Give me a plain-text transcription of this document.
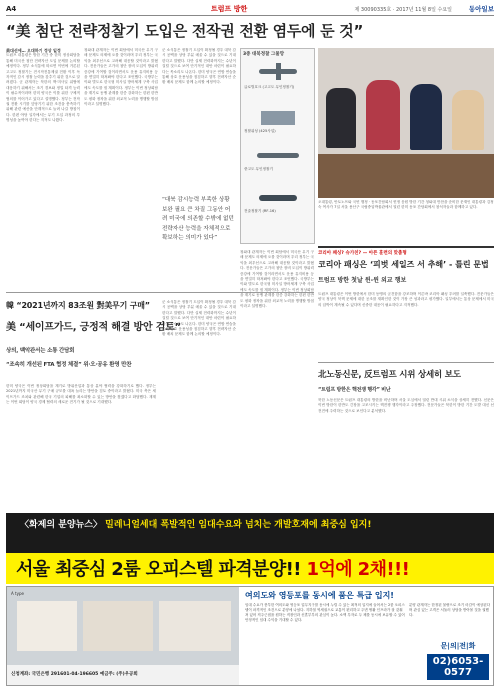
A4	트럼프 방한	제 30090335호 · 2017년 11월 8일 수요일	동아일보
“美 첨단 전략정찰기 도입은 전작권 전환 염두에 둔 것”
美대선에… 오대하기 정상 일정
트럼프 대통령은 방한 기간 중 한미 정상회담을 통해 미국산 첨단 전략자산 도입 문제를 논의할 예정이다. 정부 소식통에 따르면 이번에 거론된 고고도 정찰기는 전시작전통제권 전환 이후 독자적인 감시 정찰 능력을 갖추기 위한 것으로 알려졌다. 군 관계자는 북한의 핵·미사일 위협에 대응하기 위해서는 조기 경보와 정밀 타격 능력이 필수적이라며 한미 양국은 이를 위한 구체적 협의를 이어가고 있다고 설명했다. 정부는 전작권 전환 시기를 앞당기기 위한 조건을 충족하기 위해 관련 예산을 단계적으로 늘려 나갈 방침이다. 한편 야당 일각에서는 무기 도입 과정의 투명성을 높여야 한다는 지적도 나왔다.
청와대 관계자는 이번 회담에서 미국산 무기 구매 문제도 의제에 오를 것이라며 우리 정부는 국익을 최우선으로 고려해 대응할 것이라고 밝혔다. 전문가들은 고가의 첨단 장비 도입이 방위력 증강에 기여할 것이라면서도 운용 유지비용 등을 면밀히 따져봐야 한다고 조언했다. 국방부는 이와 별도로 한국형 미사일 방어체계 구축 사업에도 속도를 낼 계획이다. 정부는 이번 정상회담을 계기로 동맹 관계를 한층 강화하는 한편 한반도 평화 정착을 위한 외교적 노력을 병행할 방침이라고 설명했다.
군 소식통은 정찰기 도입이 확정될 경우 대북 감시 공백을 상당 부분 메울 수 있을 것으로 기대한다고 말했다. 다만 실제 전력화까지는 수년이 걸릴 것으로 보여 단기적인 대안 마련이 필요하다는 목소리도 나온다. 한미 양국은 연합 연습을 통해 상호 운용성을 점검하고 향후 전략자산 순환 배치 문제도 함께 논의할 예정이다.
“대북 감시능력 부족한 상황 보완 필요 큰 차질 그동안 어려 미국에 의존할 수밖에 없던 전략자산 능력을 자체적으로 확보하는 의미가 있다”
3중 대북정찰 그물망
글로벌호크 (고고도 무인정찰기)
정찰위성 (425사업)
중고도 무인정찰기
전술정찰기 (RF-16)
오대통령, 안토노프와 국빈 행정 · 동포간담회서 헌정 음원 방한 기간 청와대 만찬을 준비한 문재인 대통령과 김정숙 여사가 7일 서울 용산구 국립중앙박물관에서 열린 한미 동포 간담회에서 참석자들과 함께하고 있다.
코리아 패싱? 슈가친? — 아픈 훈련의 맞춤형
코리아 패싱은 ‘피벗 세일즈 서 추해’ - 틀린 문법
트럼프 방한 첫날 윈-윈 외교 행보
트럼프 대통령은 이번 방한에서 한미 동맹의 굳건함을 강조하며 이른바 코리아 패싱 우려를 일축했다. 전문가들은 양국 정상이 북핵 문제에 대한 공조를 재확인한 것이 가장 큰 성과라고 평가했다. 일부에서는 통상 문제에서 미국의 압박이 계속될 수 있다며 신중한 대응이 필요하다고 지적했다.
韓 “2021년까지 83조원 對美무기 구매”
美 “세이프가드, 긍정적 해결 방안 검토”
상의, 백악관서는 소통 간담회
“조속히 개선된 FTA 협정 체결” 위·오·공유 환영 만찬
한미 양국은 이번 정상회담을 계기로 방위산업과 통상 분야 협력을 강화하기로 했다. 정부는 2021년까지 미국산 무기 구매 규모를 대폭 늘리는 방안을 검토 중이라고 밝혔다. 미국 측은 세이프가드 조치와 관련해 한국 기업의 피해를 최소화할 수 있는 방안을 찾겠다고 화답했다. 재계는 이번 회담이 양국 경제 협력의 새로운 전기가 될 것으로 기대했다.
군 소식통은 정찰기 도입이 확정될 경우 대북 감시 공백을 상당 부분 메울 수 있을 것으로 기대한다고 말했다. 다만 실제 전력화까지는 수년이 걸릴 것으로 보여 단기적인 대안 마련이 필요하다는 목소리도 나온다. 한미 양국은 연합 연습을 통해 상호 운용성을 점검하고 향후 전략자산 순환 배치 문제도 함께 논의할 예정이다.
청와대 관계자는 이번 회담에서 미국산 무기 구매 문제도 의제에 오를 것이라며 우리 정부는 국익을 최우선으로 고려해 대응할 것이라고 밝혔다. 전문가들은 고가의 첨단 장비 도입이 방위력 증강에 기여할 것이라면서도 운용 유지비용 등을 면밀히 따져봐야 한다고 조언했다. 국방부는 이와 별도로 한국형 미사일 방어체계 구축 사업에도 속도를 낼 계획이다. 정부는 이번 정상회담을 계기로 동맹 관계를 한층 강화하는 한편 한반도 평화 정착을 위한 외교적 노력을 병행할 방침이라고 설명했다.
北노동신문, 反트럼프 시위 상세히 보도
“트럼프 방한은 핵전쟁 행각” 비난
북한 노동신문은 트럼프 대통령의 방한을 비난하며 서울 도심에서 열린 반대 시위 소식을 상세히 전했다. 신문은 이번 방한이 한반도 긴장을 고조시키는 핵전쟁 행각이라고 주장했다. 전문가들은 북한이 방한 기간 도발 대신 선전전에 주력하는 것으로 보인다고 분석했다.
〈화제의 분양뉴스〉 밀레니얼세대 폭발적인 임대수요와 넘치는 개발호재에 최중심 입지!
서울 최중심 2룸 오피스텔 파격분양!! 1억에 2채!!!
A type
신청계좌: 국민은행 291601-04-196605 예금주: (주)우공희
여의도와 영등포를 동시에 품은 특급 입지!
임대 수요가 풍부한 여의도와 영등포 업무지구를 동시에 누릴 수 있는 최적의 입지에 들어서는 2룸 오피스텔이 파격적인 조건으로 분양에 나섰다. 지하철 역세권으로 교통이 편리하고 주변 생활 인프라가 잘 갖춰져 있어 직주근접을 원하는 직장인과 신혼부부의 관심이 높다. 소액 투자로 두 채를 동시에 보유할 수 있어 안정적인 임대 수익을 기대할 수 있다.
분양 관계자는 한정된 물량으로 조기 마감이 예상된다며 관심 있는 고객은 서둘러 상담을 받아볼 것을 권했다.
문|의|전|화
02)6053-0577
